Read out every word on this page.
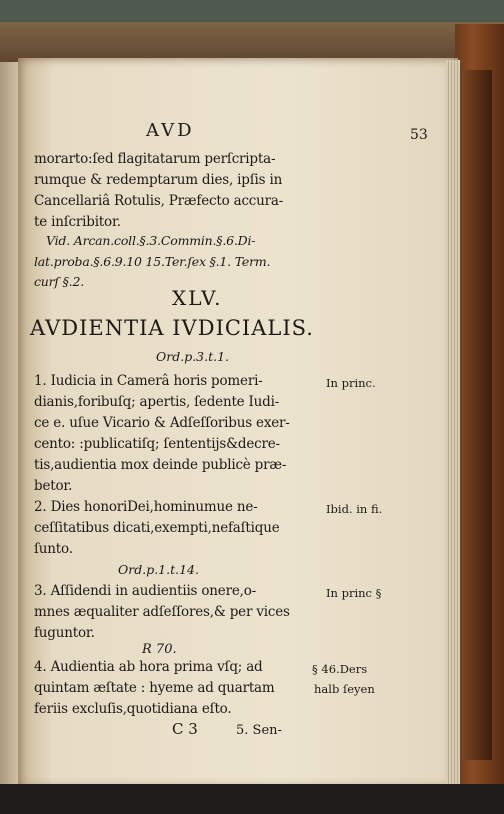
AVD	53
morarto:ſed flagitatarum perſcripta-
rumque & redemptarum dies, ipſis in
Cancellariâ Rotulis, Præfecto accura-
te inſcribitor.
Vid. Arcan.coll.§.3.Commin.§.6.Di-
lat.proba.§.6.9.10 15.Ter.ſex §.1. Term.
curſ §.2.
XLV.
AVDIENTIA IVDICIALIS.
Ord.p.3.t.1.
1. Iudicia in Camerâ horis pomeri-
dianis,foribuſq; apertis, ſedente Iudi-
ce e. uſue Vicario & Adſeſſoribus exer-
cento: :publicatiſq; ſententijs&decre-
tis,audientia mox deinde publicè præ-
betor.
2. Dies honoriDei,hominumue ne-
ceſſitatibus dicati,exempti,nefaſtique
ſunto.
Ord.p.1.t.14.
3. Aſſidendi in audientiis onere,o-
mnes æqualiter adſeſſores,& per vices
fuguntor.
R 70.
4. Audientia ab hora prima vſq; ad
quintam æſtate : hyeme ad quartam
feriis excluſis,quotidiana eſto.
C 3	5. Sen-
In princ.
Ibid. in fi.
In princ §
§ 46.Ders
halb ſeyen
